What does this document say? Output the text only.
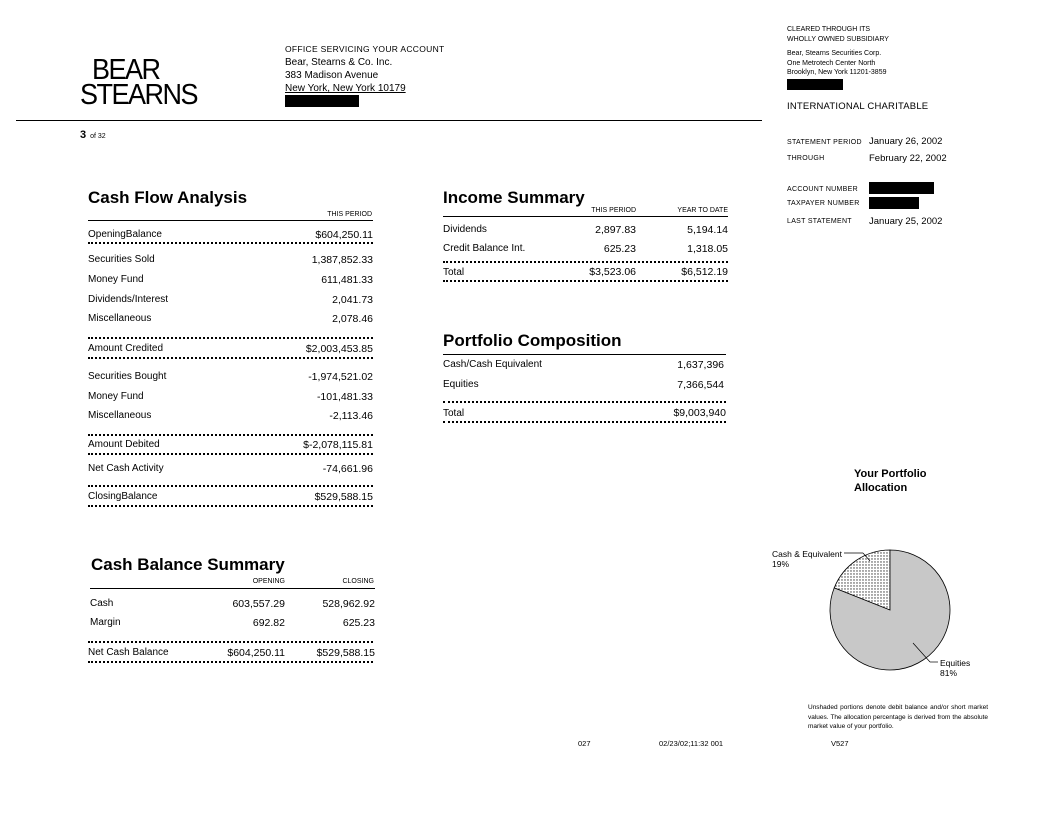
BEAR
STEARNS
OFFICE SERVICING YOUR ACCOUNT
Bear, Stearns & Co. Inc.
383 Madison Avenue
New York, New York 10179
3 of 32
CLEARED THROUGH ITS
WHOLLY OWNED SUBSIDIARY
Bear, Stearns Securities Corp.
One Metrotech Center North
Brooklyn, New York 11201-3859
INTERNATIONAL CHARITABLE
STATEMENT PERIOD January 26, 2002
THROUGH	February 22, 2002
ACCOUNT NUMBER
TAXPAYER NUMBER
LAST STATEMENT January 25, 2002
Cash Flow Analysis
THIS PERIOD
OpeningBalance	$604,250.11
Securities Sold	1,387,852.33
Money Fund	611,481.33
Dividends/Interest	2,041.73
Miscellaneous	2,078.46
Amount Credited	$2,003,453.85
Securities Bought	-1,974,521.02
Money Fund	-101,481.33
Miscellaneous	-2,113.46
Amount Debited	$-2,078,115.81
Net Cash Activity	-74,661.96
ClosingBalance	$529,588.15
Income Summary
THIS PERIOD	YEAR TO DATE
Dividends	2,897.83	5,194.14
Credit Balance Int.	625.23	1,318.05
Total	$3,523.06	$6,512.19
Portfolio Composition
Cash/Cash Equivalent	1,637,396
Equities	7,366,544
Total	$9,003,940
Cash Balance Summary
OPENING	CLOSING
Cash	603,557.29	528,962.92
Margin	692.82	625.23
Net Cash Balance	$604,250.11	$529,588.15
Your Portfolio
Allocation
Cash & Equivalent
19%
Equities
81%
Unshaded portions denote debit balance and/or short market values. The allocation percentage is derived from the absolute market value of your portfolio.
027	02/23/02;11:32 001	V527
